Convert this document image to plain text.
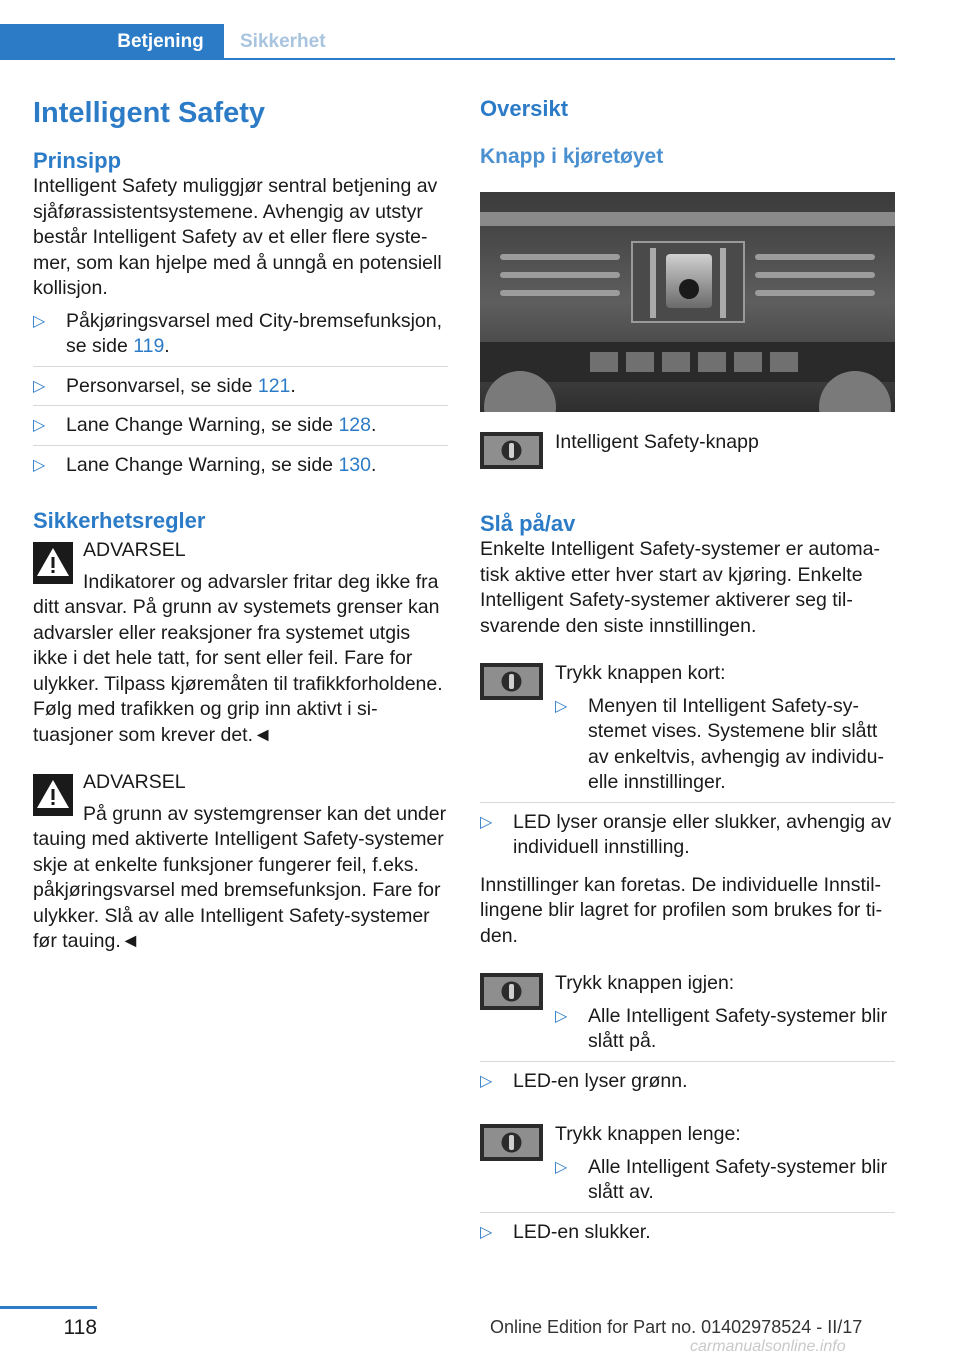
Betjening	Sikkerhet
Intelligent Safety
Prinsipp

Intelligent Safety muliggjør sentral betjening av sjåførassistentsystemene. Avhengig av utstyr består Intelligent Safety av et eller flere systemer, som kan hjelpe med å unngå en potensiell kollisjon.

▷ Påkjøringsvarsel med City-bremsefunksjon, se side 119.
▷ Personvarsel, se side 121.
▷ Lane Change Warning, se side 128.
▷ Lane Change Warning, se side 130.
Sikkerhetsregler
ADVARSEL
Indikatorer og advarsler fritar deg ikke fra ditt ansvar. På grunn av systemets grenser kan advarsler eller reaksjoner fra systemet utgis ikke i det hele tatt, for sent eller feil. Fare for ulykker. Tilpass kjøremåten til trafikkforholdene. Følg med trafikken og grip inn aktivt i situasjoner som krever det.◄
ADVARSEL
På grunn av systemgrenser kan det under tauing med aktiverte Intelligent Safety-systemer skje at enkelte funksjoner fungerer feil, f.eks. påkjøringsvarsel med bremsefunksjon. Fare for ulykker. Slå av alle Intelligent Safety-systemer før tauing.◄
Oversikt
Knapp i kjøretøyet
Intelligent Safety-knapp
Slå på/av

Enkelte Intelligent Safety-systemer er automatisk aktive etter hver start av kjøring. Enkelte Intelligent Safety-systemer aktiverer seg tilsvarende den siste innstillingen.

Trykk knappen kort:
▷ Menyen til Intelligent Safety-systemet vises. Systemene blir slått av enkeltvis, avhengig av individuelle innstillinger.
▷ LED lyser oransje eller slukker, avhengig av individuell innstilling.

Innstillinger kan foretas. De individuelle Innstillingene blir lagret for profilen som brukes for tiden.

Trykk knappen igjen:
▷ Alle Intelligent Safety-systemer blir slått på.
▷ LED-en lyser grønn.
Trykk knappen lenge:
▷ Alle Intelligent Safety-systemer blir slått av.
▷ LED-en slukker.
118	Online Edition for Part no. 01402978524 - II/17
carmanualsonline.info
